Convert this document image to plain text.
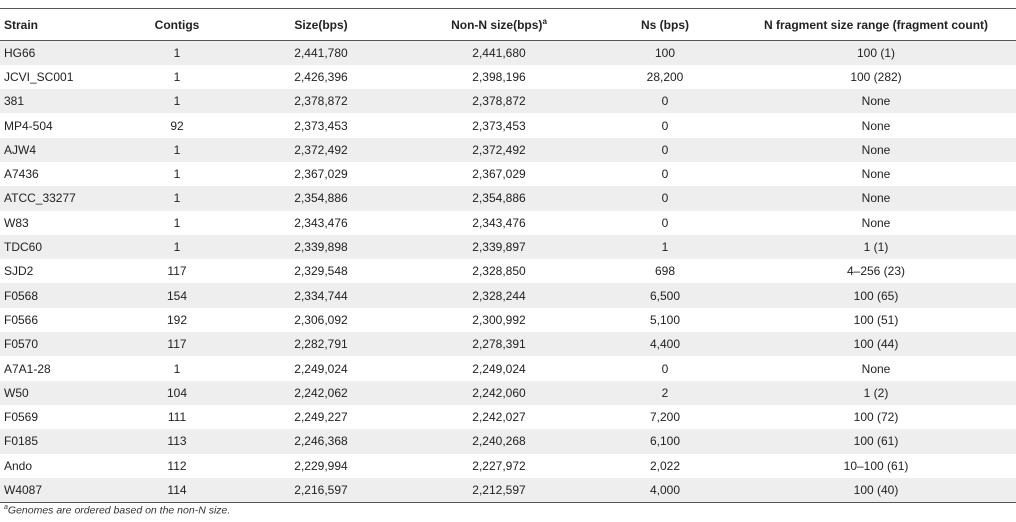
Strain	Contigs	Size(bps)	Non-N size(bps)$^a$	Ns (bps)	N fragment size range (fragment count)
HG66	1	2,441,780	2,441,680	100	100 (1)
JCVI_SC001	1	2,426,396	2,398,196	28,200	100 (282)
381	1	2,378,872	2,378,872	0	None
MP4-504	92	2,373,453	2,373,453	0	None
AJW4	1	2,372,492	2,372,492	0	None
A7436	1	2,367,029	2,367,029	0	None
ATCC_33277	1	2,354,886	2,354,886	0	None
W83	1	2,343,476	2,343,476	0	None
TDC60	1	2,339,898	2,339,897	1	1 (1)
SJD2	117	2,329,548	2,328,850	698	4–256 (23)
F0568	154	2,334,744	2,328,244	6,500	100 (65)
F0566	192	2,306,092	2,300,992	5,100	100 (51)
F0570	117	2,282,791	2,278,391	4,400	100 (44)
A7A1-28	1	2,249,024	2,249,024	0	None
W50	104	2,242,062	2,242,060	2	1 (2)
F0569	111	2,249,227	2,242,027	7,200	100 (72)
F0185	113	2,246,368	2,240,268	6,100	100 (61)
Ando	112	2,229,994	2,227,972	2,022	10–100 (61)
W4087	114	2,216,597	2,212,597	4,000	100 (40)
$^a$Genomes are ordered based on the non-N size.
